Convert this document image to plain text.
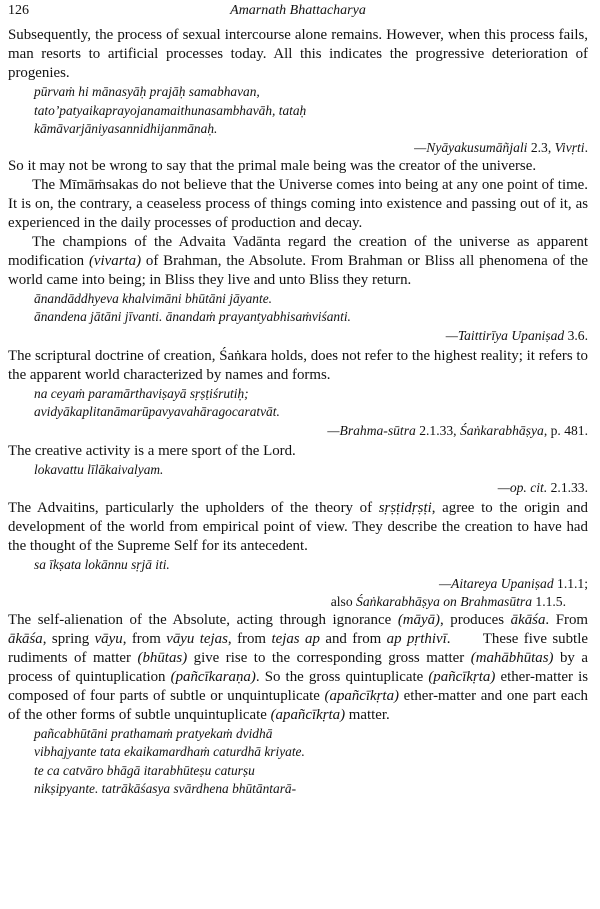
126	Amarnath Bhattacharya

Subsequently, the process of sexual intercourse alone remains. However, when this process fails, man resorts to artificial processes today. All this indicates the progressive deterioration of progenies.

pūrvaṁ hi mānasyāḥ prajāḥ samabhavan,
tato’patyaikaprayojanamaithunasambhavāh, tataḥ
kāmāvarjāniyasannidhijanmānaḥ.

—Nyāyakusumāñjali 2.3, Vivṛti.

So it may not be wrong to say that the primal male being was the creator of the universe.

The Mīmāṁsakas do not believe that the Universe comes into being at any one point of time. It is on, the contrary, a ceaseless process of things coming into existence and passing out of it, as experienced in the daily processes of production and decay.

The champions of the Advaita Vadānta regard the creation of the universe as apparent modification (vivarta) of Brahman, the Absolute. From Brahman or Bliss all phenomena of the world came into being; in Bliss they live and unto Bliss they return.

ānandāddhyeva khalvimāni bhūtāni jāyante.
ānandena jātāni jīvanti. ānandaṁ prayantyabhisaṁviśanti.

—Taittirīya Upaniṣad 3.6.

The scriptural doctrine of creation, Śaṅkara holds, does not refer to the highest reality; it refers to the apparent world characterized by names and forms.

na ceyaṁ paramārthaviṣayā sṛṣṭiśrutiḥ;
avidyākaplitanāmarūpavyavahāragocaratvāt.

—Brahma-sūtra 2.1.33, Śaṅkarabhāṣya, p. 481.

The creative activity is a mere sport of the Lord.

lokavattu līlākaivalyam.

—op. cit. 2.1.33.

The Advaitins, particularly the upholders of the theory of sṛṣṭidṛṣṭi, agree to the origin and development of the world from empirical point of view. They describe the creation to have had the thought of the Supreme Self for its antecedent.

sa īkṣata lokānnu sṛjā iti.

—Aitareya Upaniṣad 1.1.1;

also Śaṅkarabhāṣya on Brahmasūtra 1.1.5.

The self-alienation of the Absolute, acting through ignorance (māyā), produces ākāśa. From ākāśa, spring vāyu, from vāyu tejas, from tejas ap and from ap pṛthivī.      These five subtle rudiments of matter (bhūtas) give rise to the corresponding gross matter (mahābhūtas) by a process of quintuplication (pañcīkaraṇa). So the gross quintuplicate (pañcīkṛta) ether-matter is composed of four parts of subtle or unquintuplicate (apañcīkṛta) ether-matter and one part each of the other forms of subtle unquintuplicate (apañcīkṛta) matter.

pañcabhūtāni prathamaṁ pratyekaṁ dvidhā
vibhajyante tata ekaikamardhaṁ caturdhā kriyate.
te ca catvāro bhāgā itarabhūteṣu caturṣu
nikṣipyante. tatrākāśasya svārdhena bhūtāntarā-
